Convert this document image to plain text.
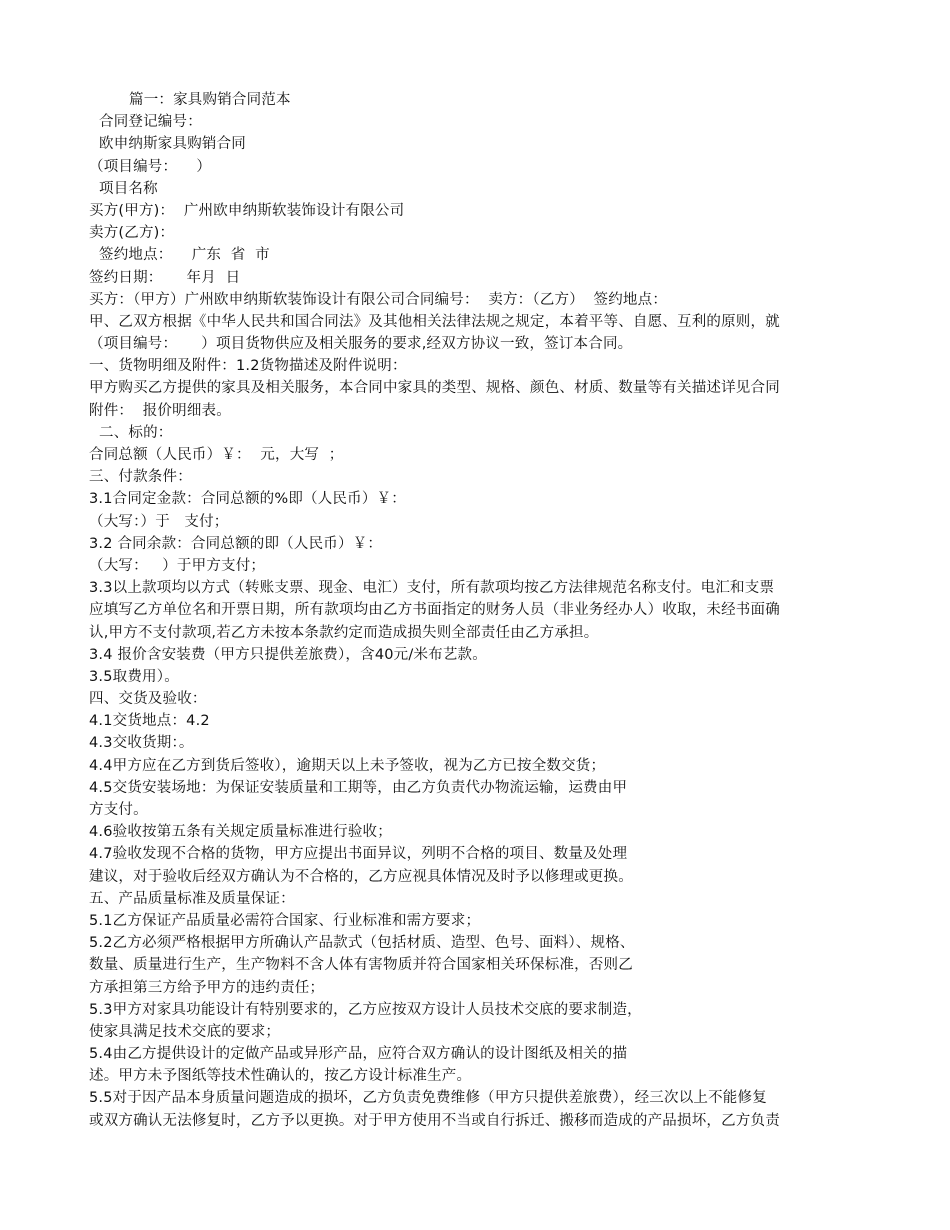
篇一：家具购销合同范本
合同登记编号：
欧申纳斯家具购销合同
（项目编号：    ）
项目名称
买方(甲方)：  广州欧申纳斯软装饰设计有限公司
卖方(乙方)：
签约地点：    广东  省  市
签约日期：     年月  日
买方：（甲方）广州欧申纳斯软装饰设计有限公司合同编号：  卖方：（乙方）  签约地点：
甲、乙双方根据《中华人民共和国合同法》及其他相关法律法规之规定，本着平等、自愿、互利的原则，就
（项目编号：     ）项目货物供应及相关服务的要求,经双方协议一致，签订本合同。
一、货物明细及附件：1.2货物描述及附件说明：
甲方购买乙方提供的家具及相关服务，本合同中家具的类型、规格、颜色、材质、数量等有关描述详见合同
附件：  报价明细表。
二、标的：
合同总额（人民币）￥：  元，大写  ；
三、付款条件：
3.1合同定金款：合同总额的%即（人民币）￥：
（大写：）于   支付；
3.2 合同余款：合同总额的即（人民币）￥：
（大写：   ）于甲方支付；
3.3以上款项均以方式（转账支票、现金、电汇）支付，所有款项均按乙方法律规范名称支付。电汇和支票
应填写乙方单位名和开票日期，所有款项均由乙方书面指定的财务人员（非业务经办人）收取，未经书面确
认,甲方不支付款项,若乙方未按本条款约定而造成损失则全部责任由乙方承担。
3.4 报价含安装费（甲方只提供差旅费），含40元/米布艺款。
3.5取费用）。
四、交货及验收：
4.1交货地点：4.2
4.3交收货期：。
4.4甲方应在乙方到货后签收），逾期天以上未予签收，视为乙方已按全数交货；
4.5交货安装场地：为保证安装质量和工期等，由乙方负责代办物流运输，运费由甲
方支付。
4.6验收按第五条有关规定质量标准进行验收；
4.7验收发现不合格的货物，甲方应提出书面异议，列明不合格的项目、数量及处理
建议，对于验收后经双方确认为不合格的，乙方应视具体情况及时予以修理或更换。
五、产品质量标准及质量保证：
5.1乙方保证产品质量必需符合国家、行业标准和需方要求；
5.2乙方必须严格根据甲方所确认产品款式（包括材质、造型、色号、面料）、规格、
数量、质量进行生产，生产物料不含人体有害物质并符合国家相关环保标准，否则乙
方承担第三方给予甲方的违约责任；
5.3甲方对家具功能设计有特别要求的，乙方应按双方设计人员技术交底的要求制造，
使家具满足技术交底的要求；
5.4由乙方提供设计的定做产品或异形产品，应符合双方确认的设计图纸及相关的描
述。甲方未予图纸等技术性确认的，按乙方设计标准生产。
5.5对于因产品本身质量问题造成的损坏，乙方负责免费维修（甲方只提供差旅费），经三次以上不能修复
或双方确认无法修复时，乙方予以更换。对于甲方使用不当或自行拆迁、搬移而造成的产品损坏，乙方负责
